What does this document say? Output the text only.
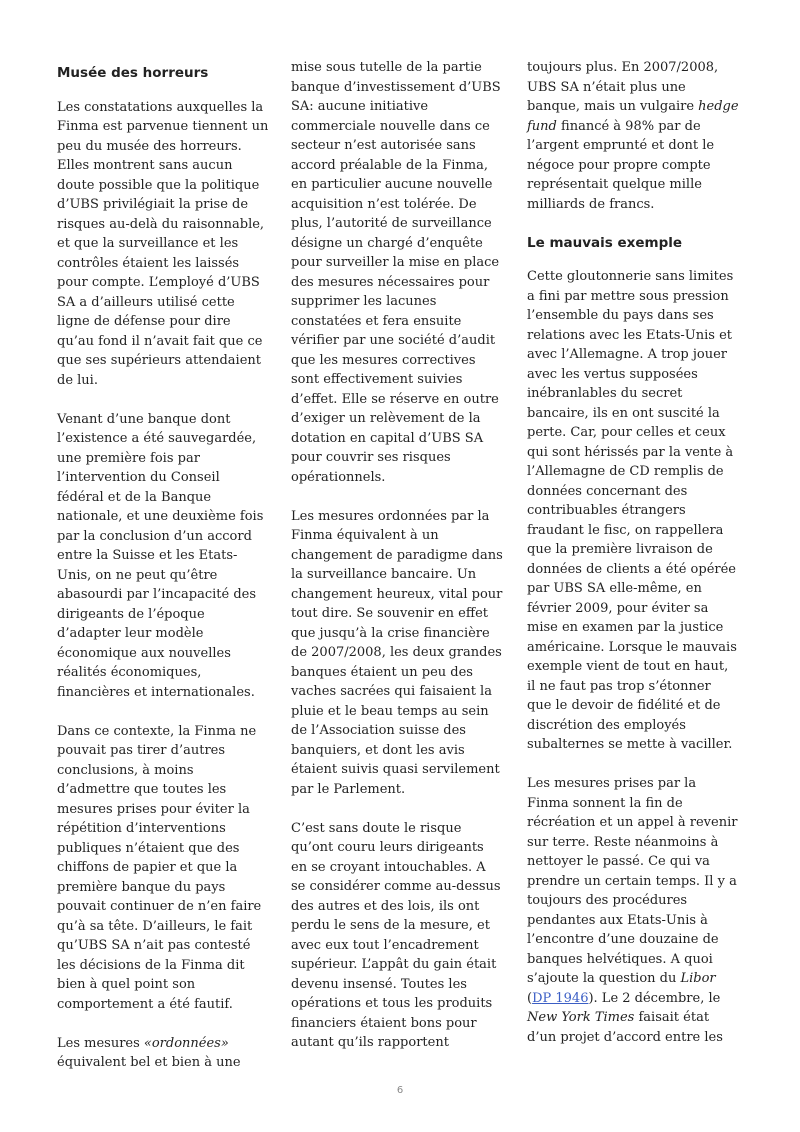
Musée des horreurs

Les constatations auxquelles la Finma est parvenue tiennent un peu du musée des horreurs. Elles montrent sans aucun doute possible que la politique d’UBS privilégiait la prise de risques au-delà du raisonnable, et que la surveillance et les contrôles étaient les laissés pour compte. L’employé d’UBS SA a d’ailleurs utilisé cette ligne de défense pour dire qu’au fond il n’avait fait que ce que ses supérieurs attendaient de lui.

Venant d’une banque dont l’existence a été sauvegardée, une première fois par l’intervention du Conseil fédéral et de la Banque nationale, et une deuxième fois par la conclusion d’un accord entre la Suisse et les Etats-Unis, on ne peut qu’être abasourdi par l’incapacité des dirigeants de l’époque d’adapter leur modèle économique aux nouvelles réalités économiques, financières et internationales.

Dans ce contexte, la Finma ne pouvait pas tirer d’autres conclusions, à moins d’admettre que toutes les mesures prises pour éviter la répétition d’interventions publiques n’étaient que des chiffons de papier et que la première banque du pays pouvait continuer de n’en faire qu’à sa tête. D’ailleurs, le fait qu’UBS SA n’ait pas contesté les décisions de la Finma dit bien à quel point son comportement a été fautif.

Les mesures «ordonnées» équivalent bel et bien à une

mise sous tutelle de la partie banque d’investissement d’UBS SA: aucune initiative commerciale nouvelle dans ce secteur n’est autorisée sans accord préalable de la Finma, en particulier aucune nouvelle acquisition n’est tolérée. De plus, l’autorité de surveillance désigne un chargé d’enquête pour surveiller la mise en place des mesures nécessaires pour supprimer les lacunes constatées et fera ensuite vérifier par une société d’audit que les mesures correctives sont effectivement suivies d’effet. Elle se réserve en outre d’exiger un relèvement de la dotation en capital d’UBS SA pour couvrir ses risques opérationnels.

Les mesures ordonnées par la Finma équivalent à un changement de paradigme dans la surveillance bancaire. Un changement heureux, vital pour tout dire. Se souvenir en effet que jusqu’à la crise financière de 2007/2008, les deux grandes banques étaient un peu des vaches sacrées qui faisaient la pluie et le beau temps au sein de l’Association suisse des banquiers, et dont les avis étaient suivis quasi servilement par le Parlement.

C’est sans doute le risque qu’ont couru leurs dirigeants en se croyant intouchables. A se considérer comme au-dessus des autres et des lois, ils ont perdu le sens de la mesure, et avec eux tout l’encadrement supérieur. L’appât du gain était devenu insensé. Toutes les opérations et tous les produits financiers étaient bons pour autant qu’ils rapportent

toujours plus. En 2007/2008, UBS SA n’était plus une banque, mais un vulgaire hedge fund financé à 98% par de l’argent emprunté et dont le négoce pour propre compte représentait quelque mille milliards de francs.

Le mauvais exemple

Cette gloutonnerie sans limites a fini par mettre sous pression l’ensemble du pays dans ses relations avec les Etats-Unis et avec l’Allemagne. A trop jouer avec les vertus supposées inébranlables du secret bancaire, ils en ont suscité la perte. Car, pour celles et ceux qui sont hérissés par la vente à l’Allemagne de CD remplis de données concernant des contribuables étrangers fraudant le fisc, on rappellera que la première livraison de données de clients a été opérée par UBS SA elle-même, en février 2009, pour éviter sa mise en examen par la justice américaine. Lorsque le mauvais exemple vient de tout en haut, il ne faut pas trop s’étonner que le devoir de fidélité et de discrétion des employés subalternes se mette à vaciller.

Les mesures prises par la Finma sonnent la fin de récréation et un appel à revenir sur terre. Reste néanmoins à nettoyer le passé. Ce qui va prendre un certain temps. Il y a toujours des procédures pendantes aux Etats-Unis à l’encontre d’une douzaine de banques helvétiques. A quoi s’ajoute la question du Libor (DP 1946). Le 2 décembre, le New York Times faisait état d’un projet d’accord entre les

6
